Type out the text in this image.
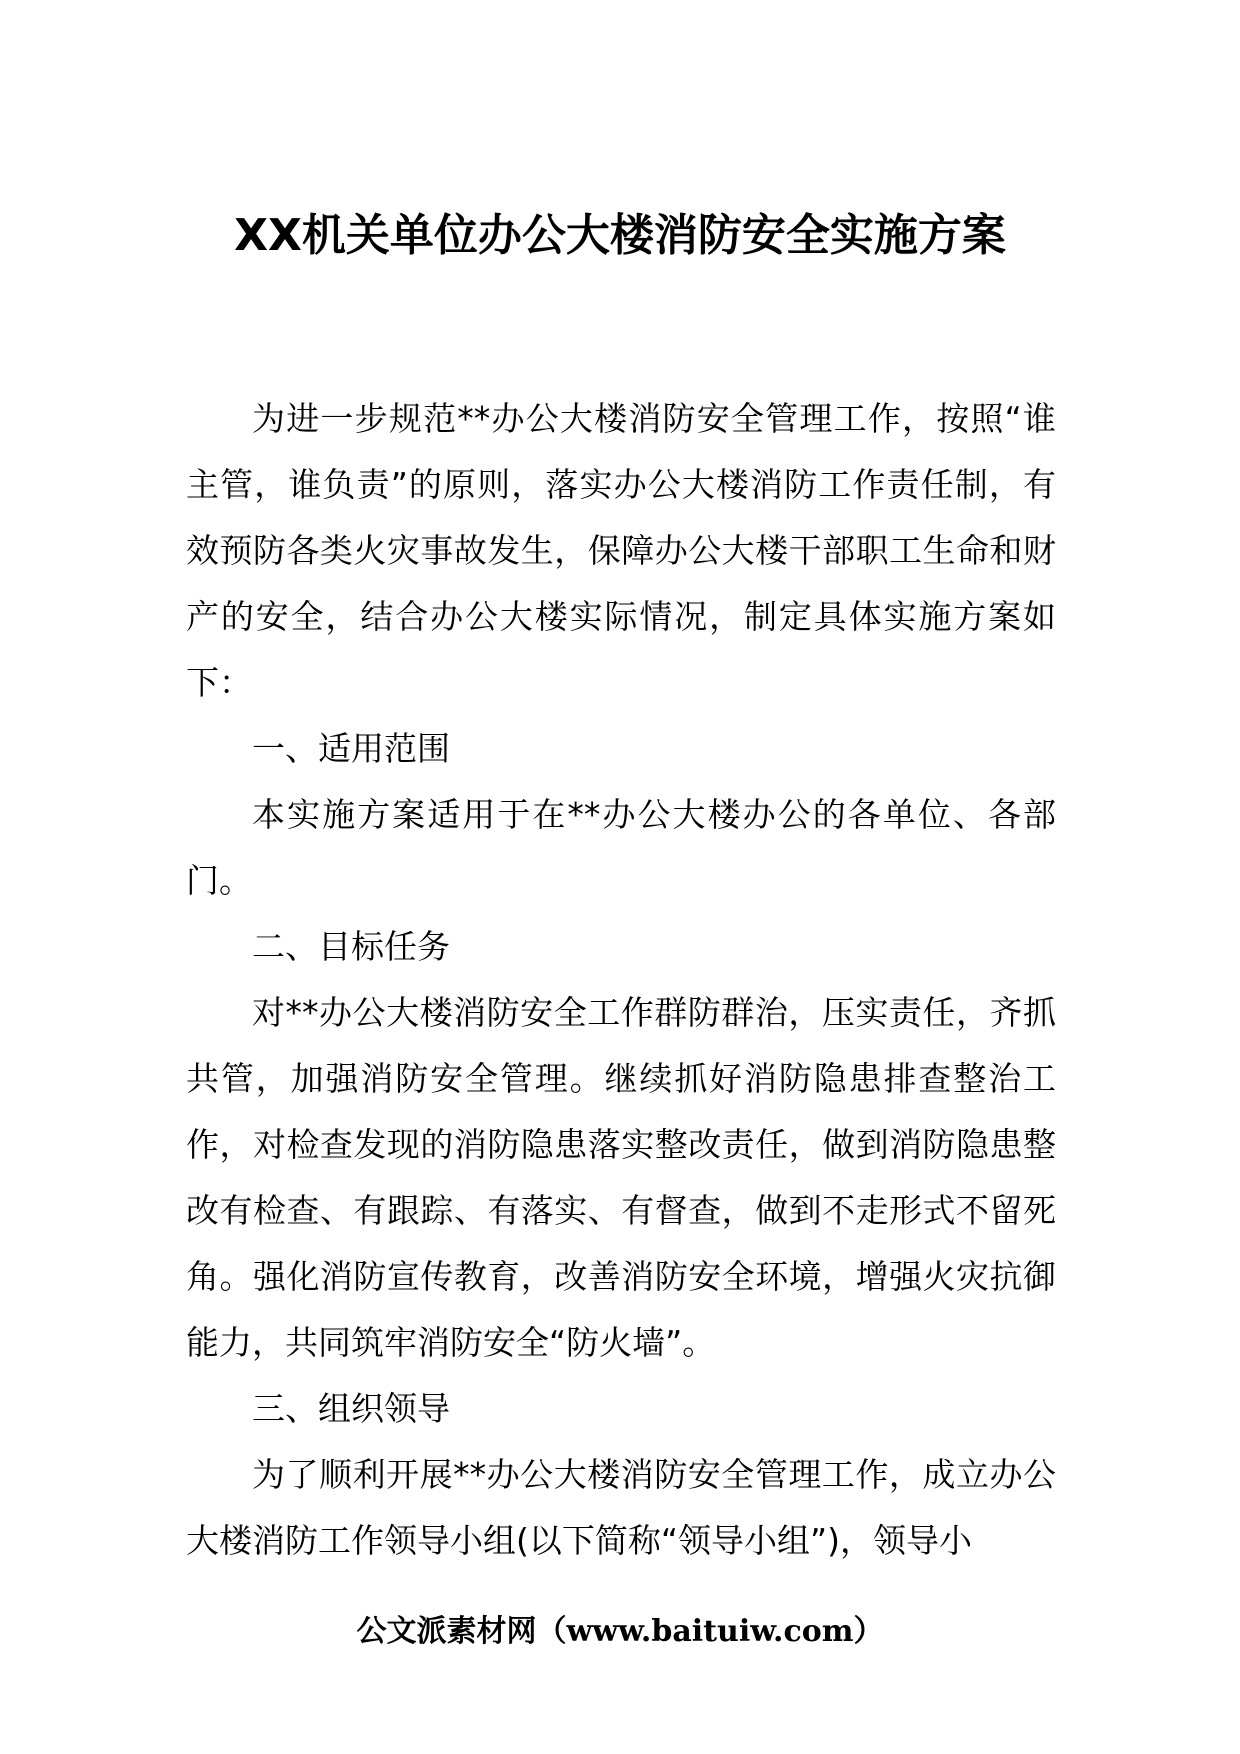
XX机关单位办公大楼消防安全实施方案

为进一步规范**办公大楼消防安全管理工作，按照“谁主管，谁负责”的原则，落实办公大楼消防工作责任制，有效预防各类火灾事故发生，保障办公大楼干部职工生命和财产的安全，结合办公大楼实际情况，制定具体实施方案如下：

一、适用范围

本实施方案适用于在**办公大楼办公的各单位、各部门。

二、目标任务

对**办公大楼消防安全工作群防群治，压实责任，齐抓共管，加强消防安全管理。继续抓好消防隐患排查整治工作，对检查发现的消防隐患落实整改责任，做到消防隐患整改有检查、有跟踪、有落实、有督查，做到不走形式不留死角。强化消防宣传教育，改善消防安全环境，增强火灾抗御能力，共同筑牢消防安全“防火墙”。

三、组织领导

为了顺利开展**办公大楼消防安全管理工作，成立办公大楼消防工作领导小组(以下简称“领导小组”)，领导小

公文派素材网（www.baituiw.com）
